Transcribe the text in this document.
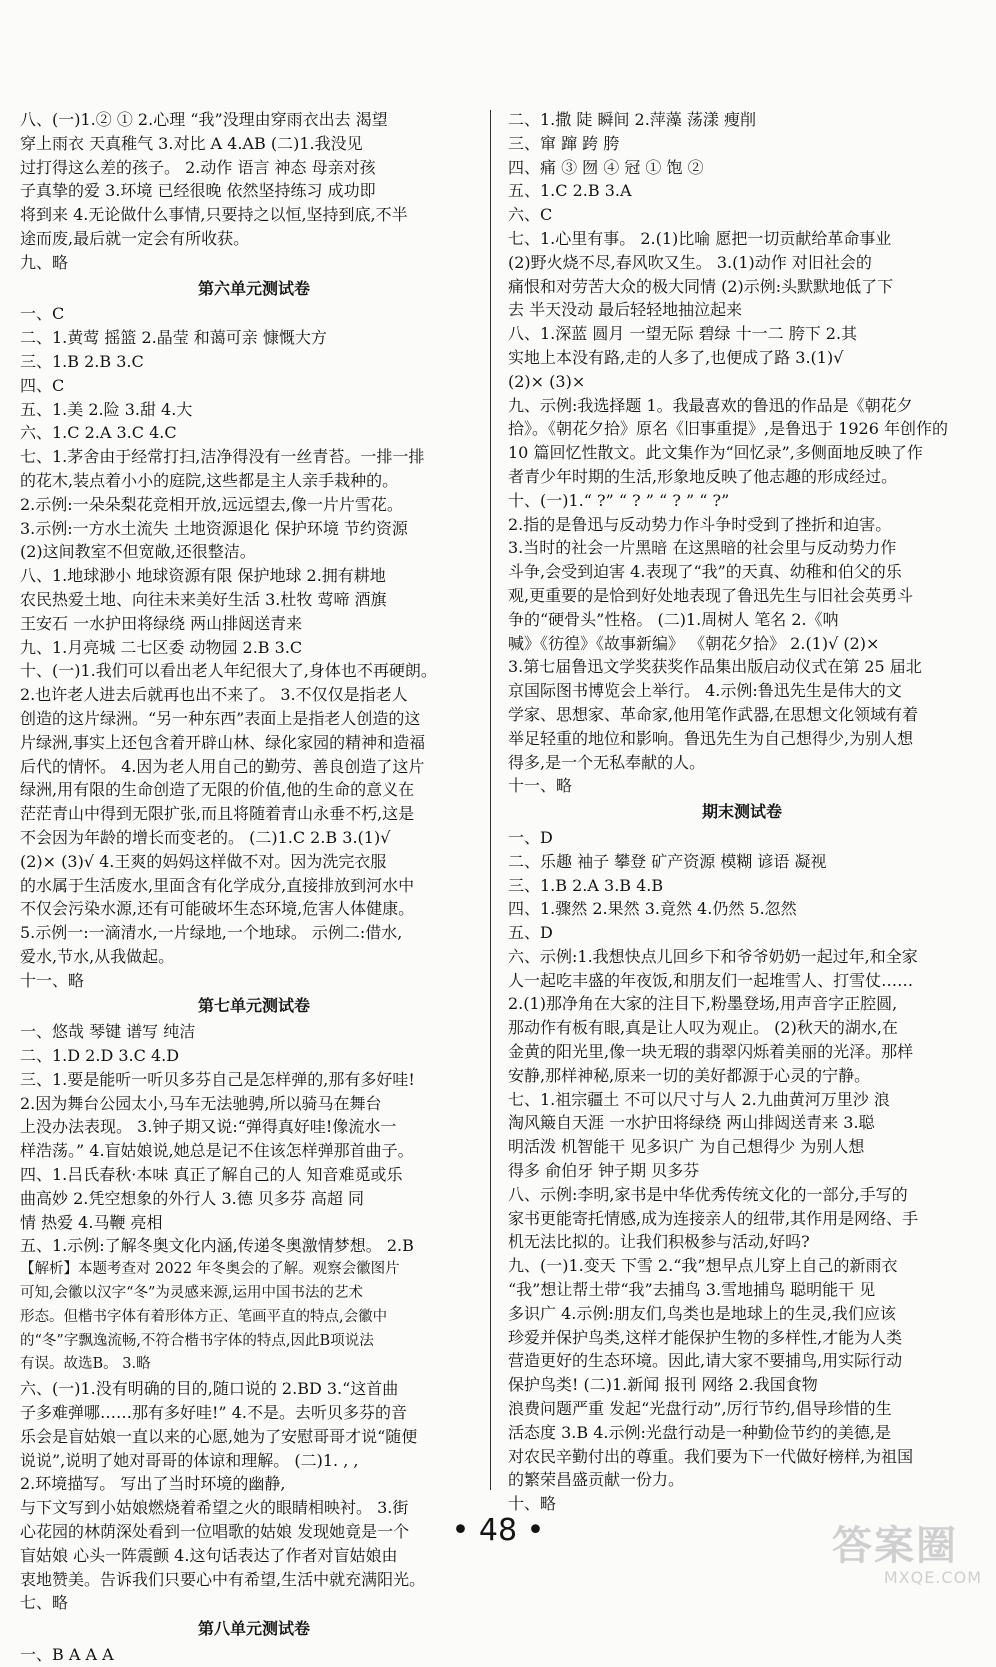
八、(一)1.② ① 2.心理 “我”没理由穿雨衣出去 渴望
穿上雨衣 天真稚气 3.对比 A 4.AB (二)1.我没见
过打得这么差的孩子。 2.动作 语言 神态 母亲对孩
子真挚的爱 3.环境 已经很晚 依然坚持练习 成功即
将到来 4.无论做什么事情,只要持之以恒,坚持到底,不半
途而废,最后就一定会有所收获。
九、略
第六单元测试卷
一、C
二、1.黄莺 摇篮 2.晶莹 和蔼可亲 慷慨大方
三、1.B 2.B 3.C
四、C
五、1.美 2.险 3.甜 4.大
六、1.C 2.A 3.C 4.C
七、1.茅舍由于经常打扫,洁净得没有一丝青苔。一排一排
的花木,装点着小小的庭院,这些都是主人亲手栽种的。
2.示例:一朵朵梨花竞相开放,远远望去,像一片片雪花。
3.示例:一方水土流失 土地资源退化 保护环境 节约资源
(2)这间教室不但宽敞,还很整洁。
八、1.地球渺小 地球资源有限 保护地球 2.拥有耕地
农民热爱土地、向往未来美好生活 3.杜牧 莺啼 酒旗
王安石 一水护田将绿绕 两山排闼送青来
九、1.月亮城 二七区委 动物园 2.B 3.C
十、(一)1.我们可以看出老人年纪很大了,身体也不再硬朗。
2.也许老人进去后就再也出不来了。 3.不仅仅是指老人
创造的这片绿洲。“另一种东西”表面上是指老人创造的这
片绿洲,事实上还包含着开辟山林、绿化家园的精神和造福
后代的情怀。 4.因为老人用自己的勤劳、善良创造了这片
绿洲,用有限的生命创造了无限的价值,他的生命的意义在
茫茫青山中得到无限扩张,而且将随着青山永垂不朽,这是
不会因为年龄的增长而变老的。 (二)1.C 2.B 3.(1)√
(2)× (3)√ 4.王爽的妈妈这样做不对。因为洗完衣服
的水属于生活废水,里面含有化学成分,直接排放到河水中
不仅会污染水源,还有可能破坏生态环境,危害人体健康。
5.示例一:一滴清水,一片绿地,一个地球。 示例二:借水,
爱水,节水,从我做起。
十一、略
第七单元测试卷
一、悠哉 琴键 谱写 纯洁
二、1.D 2.D 3.C 4.D
三、1.要是能听一听贝多芬自己是怎样弹的,那有多好哇!
2.因为舞台公园太小,马车无法驰骋,所以骑马在舞台
上没办法表现。 3.钟子期又说:“弹得真好哇!像流水一
样浩荡。” 4.盲姑娘说,她总是记不住该怎样弹那首曲子。
四、1.吕氏春秋·本味 真正了解自己的人 知音难觅或乐
曲高妙 2.凭空想象的外行人 3.德 贝多芬 高超 同
情 热爱 4.马鞭 亮相
五、1.示例:了解冬奥文化内涵,传递冬奥激情梦想。 2.B
【解析】本题考查对 2022 年冬奥会的了解。观察会徽图片
可知,会徽以汉字“冬”为灵感来源,运用中国书法的艺术
形态。但楷书字体有着形体方正、笔画平直的特点,会徽中
的“冬”字飘逸流畅,不符合楷书字体的特点,因此B项说法
有误。故选B。 3.略
六、(一)1.没有明确的目的,随口说的 2.BD 3.“这首曲
子多难弹哪……那有多好哇!” 4.不是。去听贝多芬的音
乐会是盲姑娘一直以来的心愿,她为了安慰哥哥才说“随便
说说”,说明了她对哥哥的体谅和理解。 (二)1. , ,
2.环境描写。 写出了当时环境的幽静,
与下文写到小姑娘燃烧着希望之火的眼睛相映衬。 3.街
心花园的林荫深处看到一位唱歌的姑娘 发现她竟是一个
盲姑娘 心头一阵震颤 4.这句话表达了作者对盲姑娘由
衷地赞美。告诉我们只要心中有希望,生活中就充满阳光。
七、略
第八单元测试卷
一、B A A A
二、1.撒 陡 瞬间 2.萍藻 荡漾 瘦削
三、窜 蹿 跨 胯
四、痛 ③ 囫 ④ 冠 ① 饱 ②
五、1.C 2.B 3.A
六、C
七、1.心里有事。 2.(1)比喻 愿把一切贡献给革命事业
(2)野火烧不尽,春风吹又生。 3.(1)动作 对旧社会的
痛恨和对劳苦大众的极大同情 (2)示例:头默默地低了下
去 半天没动 最后轻轻地抽泣起来
八、1.深蓝 圆月 一望无际 碧绿 十一二 胯下 2.其
实地上本没有路,走的人多了,也便成了路 3.(1)√
(2)× (3)×
九、示例:我选择题 1。我最喜欢的鲁迅的作品是《朝花夕
拾》。《朝花夕拾》原名《旧事重提》,是鲁迅于 1926 年创作的
10 篇回忆性散文。此文集作为“回忆录”,多侧面地反映了作
者青少年时期的生活,形象地反映了他志趣的形成经过。
十、(一)1.“ ?” “ ? ” “ ? ” “ ?”
2.指的是鲁迅与反动势力作斗争时受到了挫折和迫害。
3.当时的社会一片黑暗 在这黑暗的社会里与反动势力作
斗争,会受到迫害 4.表现了“我”的天真、幼稚和伯父的乐
观,更重要的是恰到好处地表现了鲁迅先生与旧社会英勇斗
争的“硬骨头”性格。 (二)1.周树人 笔名 2.《呐
喊》《彷徨》《故事新编》 《朝花夕拾》 2.(1)√ (2)×
3.第七届鲁迅文学奖获奖作品集出版启动仪式在第 25 届北
京国际图书博览会上举行。 4.示例:鲁迅先生是伟大的文
学家、思想家、革命家,他用笔作武器,在思想文化领域有着
举足轻重的地位和影响。鲁迅先生为自己想得少,为别人想
得多,是一个无私奉献的人。
十一、略
期末测试卷
一、D
二、乐趣 袖子 攀登 矿产资源 模糊 谚语 凝视
三、1.B 2.A 3.B 4.B
四、1.骤然 2.果然 3.竟然 4.仍然 5.忽然
五、D
六、示例:1.我想快点儿回乡下和爷爷奶奶一起过年,和全家
人一起吃丰盛的年夜饭,和朋友们一起堆雪人、打雪仗……
2.(1)那净角在大家的注目下,粉墨登场,用声音字正腔圆,
那动作有板有眼,真是让人叹为观止。 (2)秋天的湖水,在
金黄的阳光里,像一块无瑕的翡翠闪烁着美丽的光泽。那样
安静,那样神秘,原来一切的美好都源于心灵的宁静。
七、1.祖宗疆土 不可以尺寸与人 2.九曲黄河万里沙 浪
淘风簸自天涯 一水护田将绿绕 两山排闼送青来 3.聪
明活泼 机智能干 见多识广 为自己想得少 为别人想
得多 俞伯牙 钟子期 贝多芬
八、示例:李明,家书是中华优秀传统文化的一部分,手写的
家书更能寄托情感,成为连接亲人的纽带,其作用是网络、手
机无法比拟的。让我们积极参与活动,好吗?
九、(一)1.变天 下雪 2.“我”想早点儿穿上自己的新雨衣
“我”想让帮土带“我”去捕鸟 3.雪地捕鸟 聪明能干 见
多识广 4.示例:朋友们,鸟类也是地球上的生灵,我们应该
珍爱并保护鸟类,这样才能保护生物的多样性,才能为人类
营造更好的生态环境。因此,请大家不要捕鸟,用实际行动
保护鸟类! (二)1.新闻 报刊 网络 2.我国食物
浪费问题严重 发起“光盘行动”,厉行节约,倡导珍惜的生
活态度 3.B 4.示例:光盘行动是一种勤俭节约的美德,是
对农民辛勤付出的尊重。我们要为下一代做好榜样,为祖国
的繁荣昌盛贡献一份力。
十、略
• 48 •	答案圈
MXQE.COM
